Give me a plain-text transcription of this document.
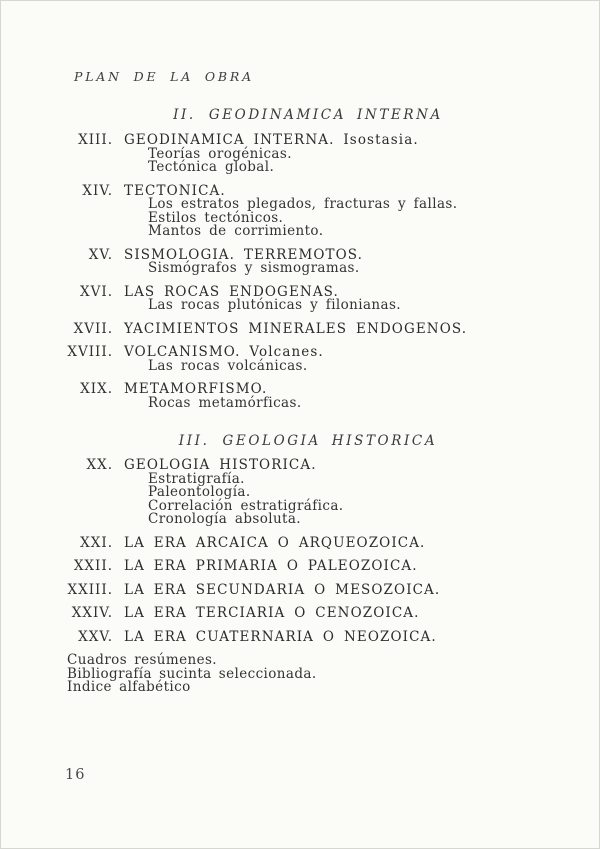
PLAN DE LA OBRA
II. GEODINAMICA INTERNA
XIII. GEODINAMICA INTERNA. Isostasia.
Teorías orogénicas.
Tectónica global.
XIV. TECTONICA.
Los estratos plegados, fracturas y fallas.
Estilos tectónicos.
Mantos de corrimiento.
XV. SISMOLOGIA. TERREMOTOS.
Sismógrafos y sismogramas.
XVI. LAS ROCAS ENDOGENAS.
Las rocas plutónicas y filonianas.
XVII. YACIMIENTOS MINERALES ENDOGENOS.
XVIII. VOLCANISMO. Volcanes.
Las rocas volcánicas.
XIX. METAMORFISMO.
Rocas metamórficas.
III. GEOLOGIA HISTORICA
XX. GEOLOGIA HISTORICA.
Estratigrafía.
Paleontología.
Correlación estratigráfica.
Cronología absoluta.
XXI. LA ERA ARCAICA O ARQUEOZOICA.
XXII. LA ERA PRIMARIA O PALEOZOICA.
XXIII. LA ERA SECUNDARIA O MESOZOICA.
XXIV. LA ERA TERCIARIA O CENOZOICA.
XXV. LA ERA CUATERNARIA O NEOZOICA.
Cuadros resúmenes.
Bibliografía sucinta seleccionada.
Indice alfabético
16
